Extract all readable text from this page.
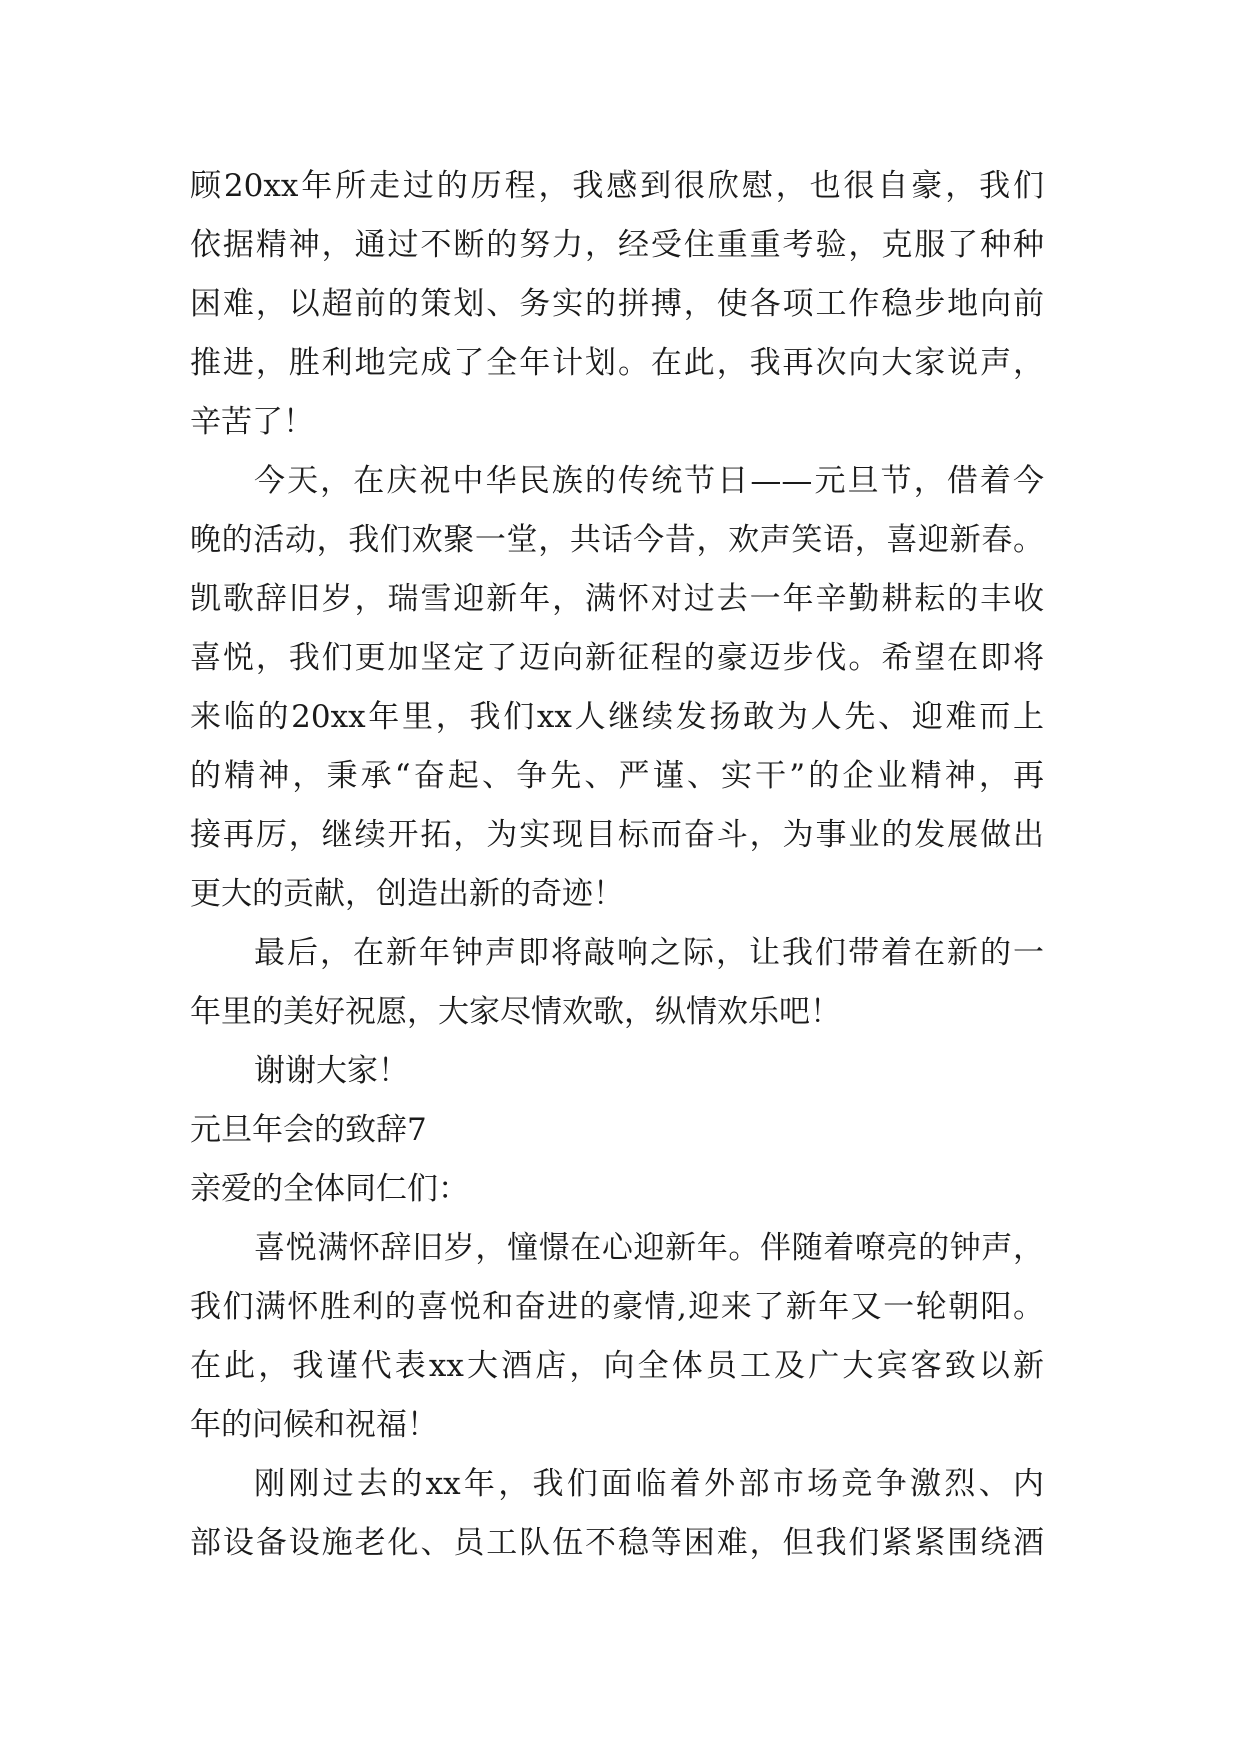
顾20xx年所走过的历程，我感到很欣慰，也很自豪，我们
依据精神，通过不断的努力，经受住重重考验，克服了种种
困难，以超前的策划、务实的拼搏，使各项工作稳步地向前
推进，胜利地完成了全年计划。在此，我再次向大家说声，
辛苦了！
今天，在庆祝中华民族的传统节日——元旦节，借着今
晚的活动，我们欢聚一堂，共话今昔，欢声笑语，喜迎新春。
凯歌辞旧岁，瑞雪迎新年，满怀对过去一年辛勤耕耘的丰收
喜悦，我们更加坚定了迈向新征程的豪迈步伐。希望在即将
来临的20xx年里，我们xx人继续发扬敢为人先、迎难而上
的精神，秉承“奋起、争先、严谨、实干”的企业精神，再
接再厉，继续开拓，为实现目标而奋斗，为事业的发展做出
更大的贡献，创造出新的奇迹！
最后，在新年钟声即将敲响之际，让我们带着在新的一
年里的美好祝愿，大家尽情欢歌，纵情欢乐吧！
谢谢大家！
元旦年会的致辞7
亲爱的全体同仁们：
喜悦满怀辞旧岁，憧憬在心迎新年。伴随着嘹亮的钟声，
我们满怀胜利的喜悦和奋进的豪情,迎来了新年又一轮朝阳。
在此，我谨代表xx大酒店，向全体员工及广大宾客致以新
年的问候和祝福！
刚刚过去的xx年，我们面临着外部市场竞争激烈、内
部设备设施老化、员工队伍不稳等困难，但我们紧紧围绕酒
